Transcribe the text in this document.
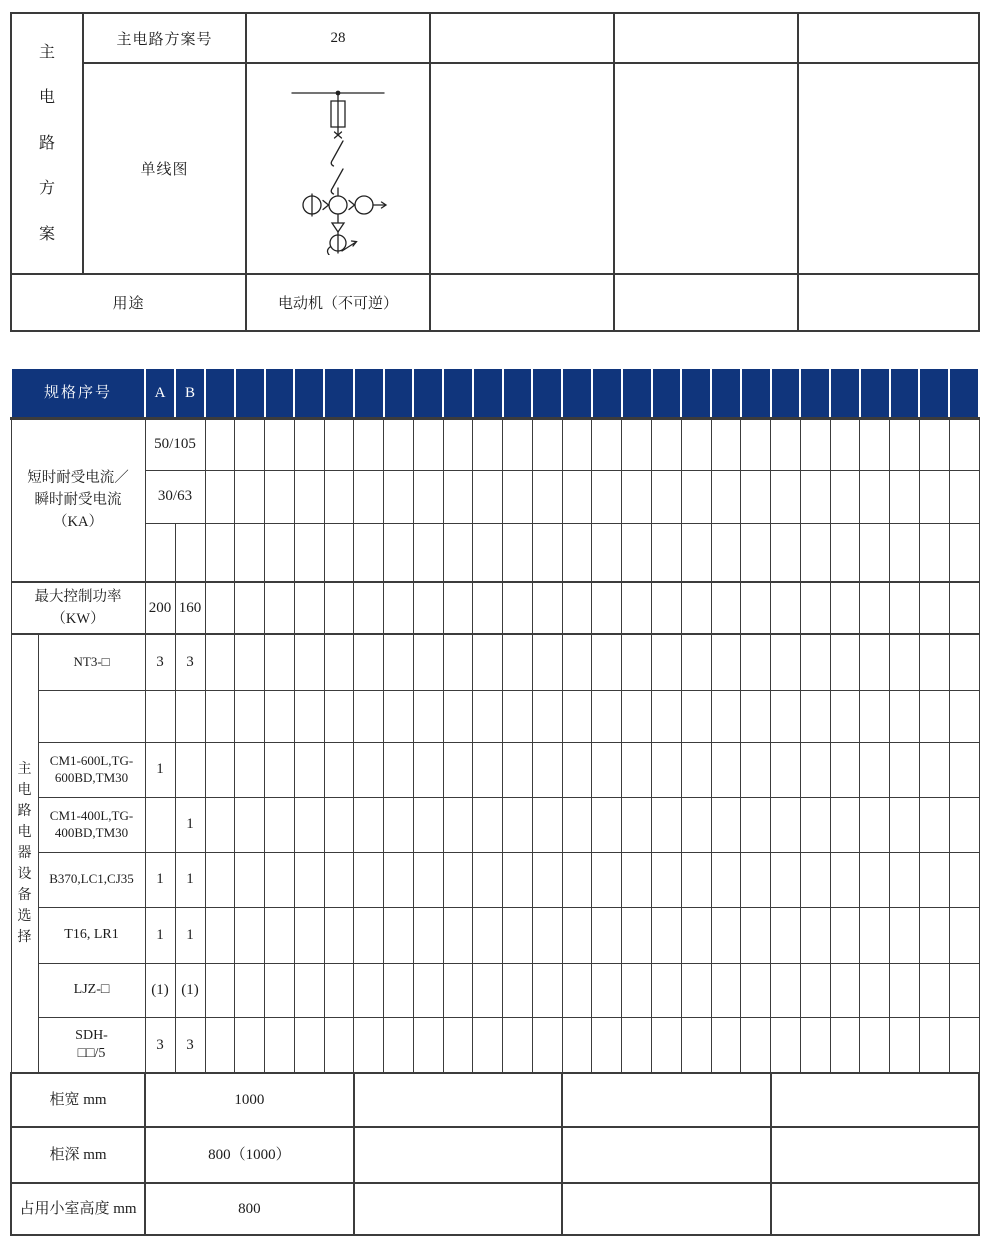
主电路方案	主电路方案号	28			
	单线图	

用途		电动机（不可逆）			
规格序号		A	B																										

短时耐受电流／
瞬时耐受电流
（KA）		50/105																											
		30/63																											

最大控制功率
（KW）		200	160																										
主电路电器设备选择	NT3-□	3	3																										

	CM1-600L,TG-
600BD,TM30	1																											

	CM1-400L,TG-
400BD,TM30		1																										

	B370,LC1,CJ35	1	1																										

	T16, LR1	1	1																										

	LJZ-□	(1)	(1)																										

	SDH-
□□/5	3	3																										
柜宽 mm		1000																											
柜深 mm		800（1000）																											
占用小室高度 mm		800																											
